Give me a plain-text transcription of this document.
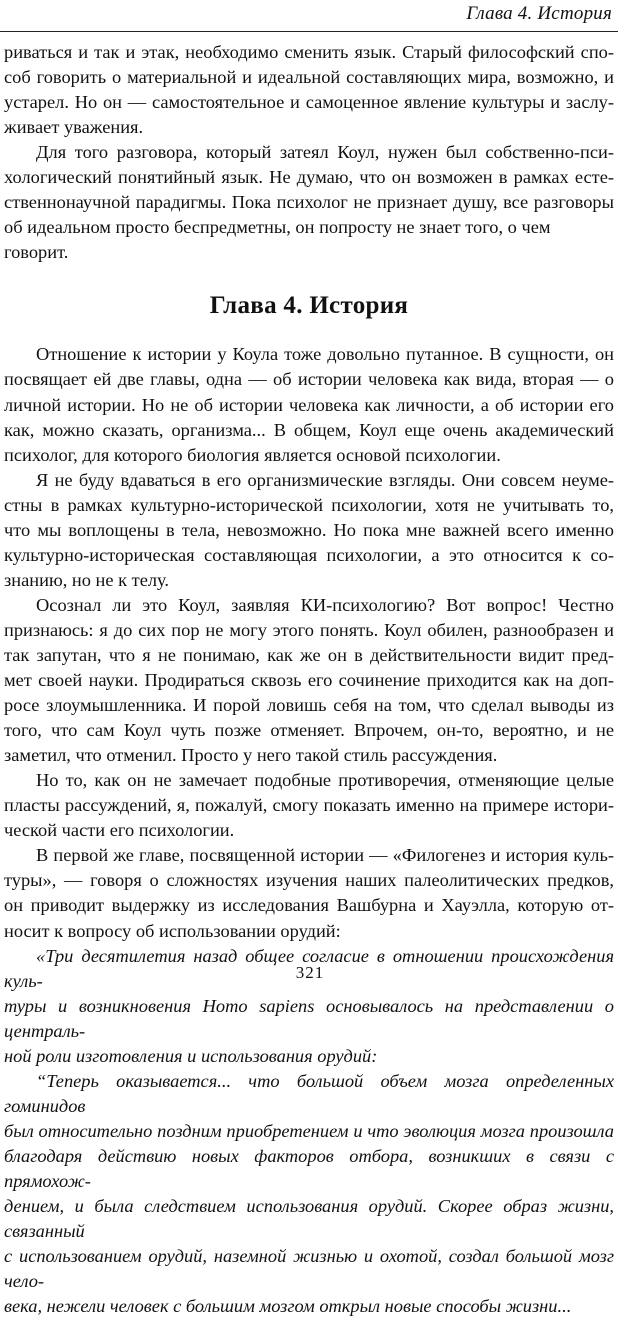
Глава 4. История
риваться и так и этак, необходимо сменить язык. Старый философский спо-
соб говорить о материальной и идеальной составляющих мира, возможно, и
устарел. Но он — самостоятельное и самоценное явление культуры и заслу-
живает уважения.
Для того разговора, который затеял Коул, нужен был собственно-пси-
хологический понятийный язык. Не думаю, что он возможен в рамках есте-
ственнонаучной парадигмы. Пока психолог не признает душу, все разговоры
об идеальном просто беспредметны, он попросту не знает того, о чем говорит.
Глава 4. История
Отношение к истории у Коула тоже довольно путанное. В сущности, он
посвящает ей две главы, одна — об истории человека как вида, вторая — о
личной истории. Но не об истории человека как личности, а об истории его
как, можно сказать, организма... В общем, Коул еще очень академический
психолог, для которого биология является основой психологии.
Я не буду вдаваться в его организмические взгляды. Они совсем неуме-
стны в рамках культурно-исторической психологии, хотя не учитывать то,
что мы воплощены в тела, невозможно. Но пока мне важней всего именно
культурно-историческая составляющая психологии, а это относится к со-
знанию, но не к телу.
Осознал ли это Коул, заявляя КИ-психологию? Вот вопрос! Честно
признаюсь: я до сих пор не могу этого понять. Коул обилен, разнообразен и
так запутан, что я не понимаю, как же он в действительности видит пред-
мет своей науки. Продираться сквозь его сочинение приходится как на доп-
росе злоумышленника. И порой ловишь себя на том, что сделал выводы из
того, что сам Коул чуть позже отменяет. Впрочем, он-то, вероятно, и не
заметил, что отменил. Просто у него такой стиль рассуждения.
Но то, как он не замечает подобные противоречия, отменяющие целые
пласты рассуждений, я, пожалуй, смогу показать именно на примере истори-
ческой части его психологии.
В первой же главе, посвященной истории — «Филогенез и история куль-
туры», — говоря о сложностях изучения наших палеолитических предков,
он приводит выдержку из исследования Вашбурна и Хауэлла, которую от-
носит к вопросу об использовании орудий:
«Три десятилетия назад общее согласие в отношении происхождения куль-
туры и возникновения Homo sapiens основывалось на представлении о централь-
ной роли изготовления и использования орудий:
“Теперь оказывается... что большой объем мозга определенных гоминидов
был относительно поздним приобретением и что эволюция мозга произошла
благодаря действию новых факторов отбора, возникших в связи с прямохож-
дением, и была следствием использования орудий. Скорее образ жизни, связанный
с использованием орудий, наземной жизнью и охотой, создал большой мозг чело-
века, нежели человек с большим мозгом открыл новые способы жизни...
321
